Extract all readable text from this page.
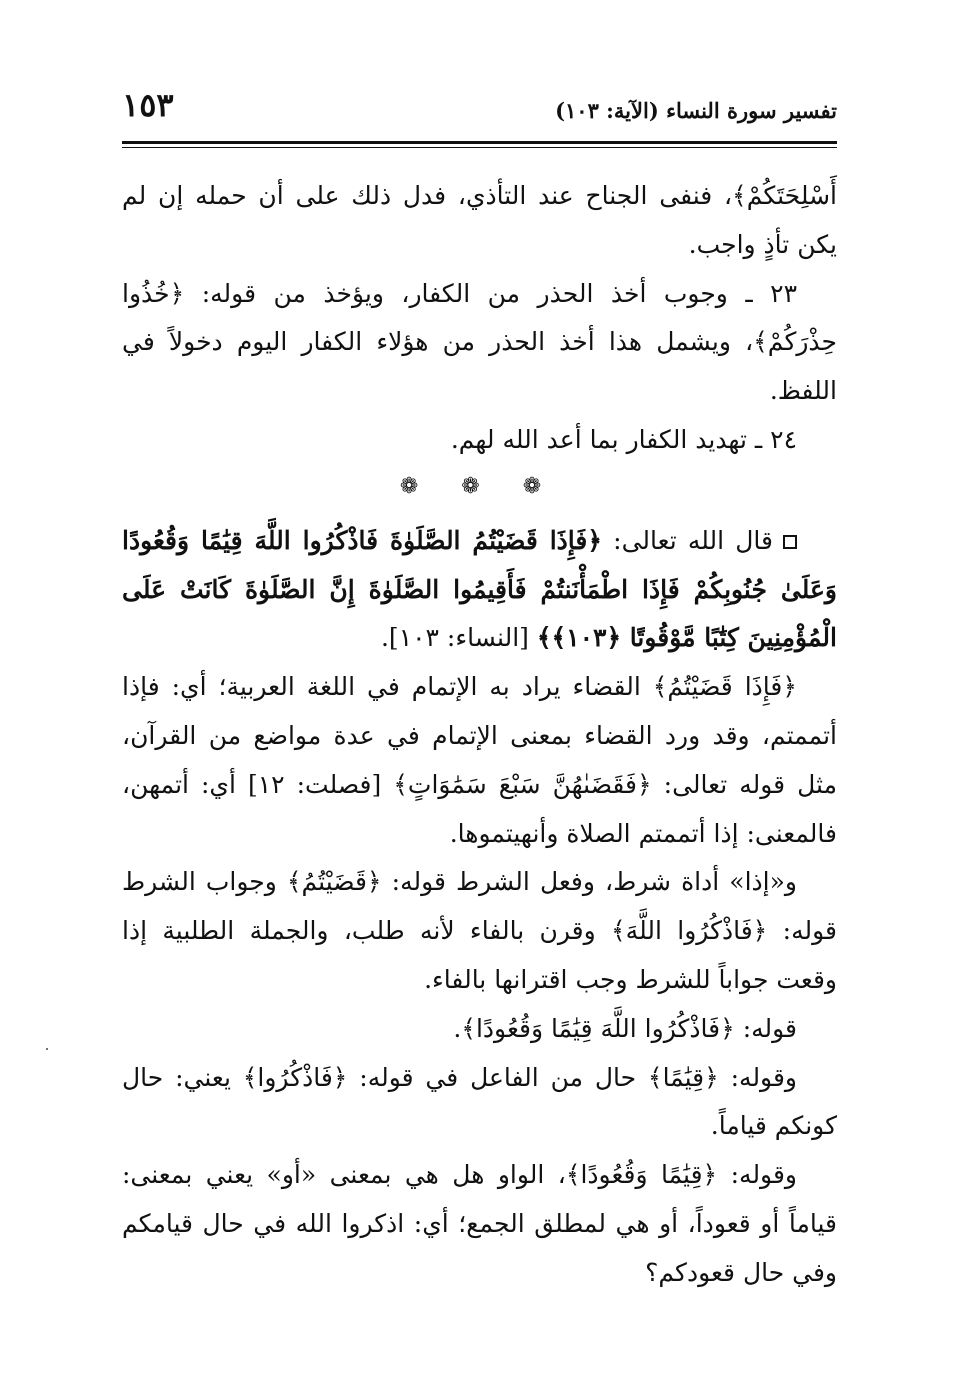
تفسير سورة النساء (الآية: ١٠٣)
١٥٣

أَسْلِحَتَكُمْ﴾، فنفى الجناح عند التأذي، فدل ذلك على أن حمله إن لم يكن تأذٍ واجب.

٢٣ ـ وجوب أخذ الحذر من الكفار، ويؤخذ من قوله: ﴿خُذُوا حِذْرَكُمْ﴾، ويشمل هذا أخذ الحذر من هؤلاء الكفار اليوم دخولاً في اللفظ.

٢٤ ـ تهديد الكفار بما أعد الله لهم.

❁ ❁ ❁

قال الله تعالى: ﴿فَإِذَا قَضَيْتُمُ الصَّلَوٰةَ فَاذْكُرُوا اللَّهَ قِيَٰمًا وَقُعُودًا وَعَلَىٰ جُنُوبِكُمْ فَإِذَا اطْمَأْنَنتُمْ فَأَقِيمُوا الصَّلَوٰةَ إِنَّ الصَّلَوٰةَ كَانَتْ عَلَى الْمُؤْمِنِينَ كِتَٰبًا مَّوْقُوتًا ﴿١٠٣﴾﴾ [النساء: ١٠٣].

﴿فَإِذَا قَضَيْتُمُ﴾ القضاء يراد به الإتمام في اللغة العربية؛ أي: فإذا أتممتم، وقد ورد القضاء بمعنى الإتمام في عدة مواضع من القرآن، مثل قوله تعالى: ﴿فَقَضَىٰهُنَّ سَبْعَ سَمَٰوَاتٍ﴾ [فصلت: ١٢] أي: أتمهن، فالمعنى: إذا أتممتم الصلاة وأنهيتموها.

و«إذا» أداة شرط، وفعل الشرط قوله: ﴿قَضَيْتُمُ﴾ وجواب الشرط قوله: ﴿فَاذْكُرُوا اللَّهَ﴾ وقرن بالفاء لأنه طلب، والجملة الطلبية إذا وقعت جواباً للشرط وجب اقترانها بالفاء.

قوله: ﴿فَاذْكُرُوا اللَّهَ قِيَٰمًا وَقُعُودًا﴾.

وقوله: ﴿قِيَٰمًا﴾ حال من الفاعل في قوله: ﴿فَاذْكُرُوا﴾ يعني: حال كونكم قياماً.

وقوله: ﴿قِيَٰمًا وَقُعُودًا﴾، الواو هل هي بمعنى «أو» يعني بمعنى: قياماً أو قعوداً، أو هي لمطلق الجمع؛ أي: اذكروا الله في حال قيامكم وفي حال قعودكم؟
